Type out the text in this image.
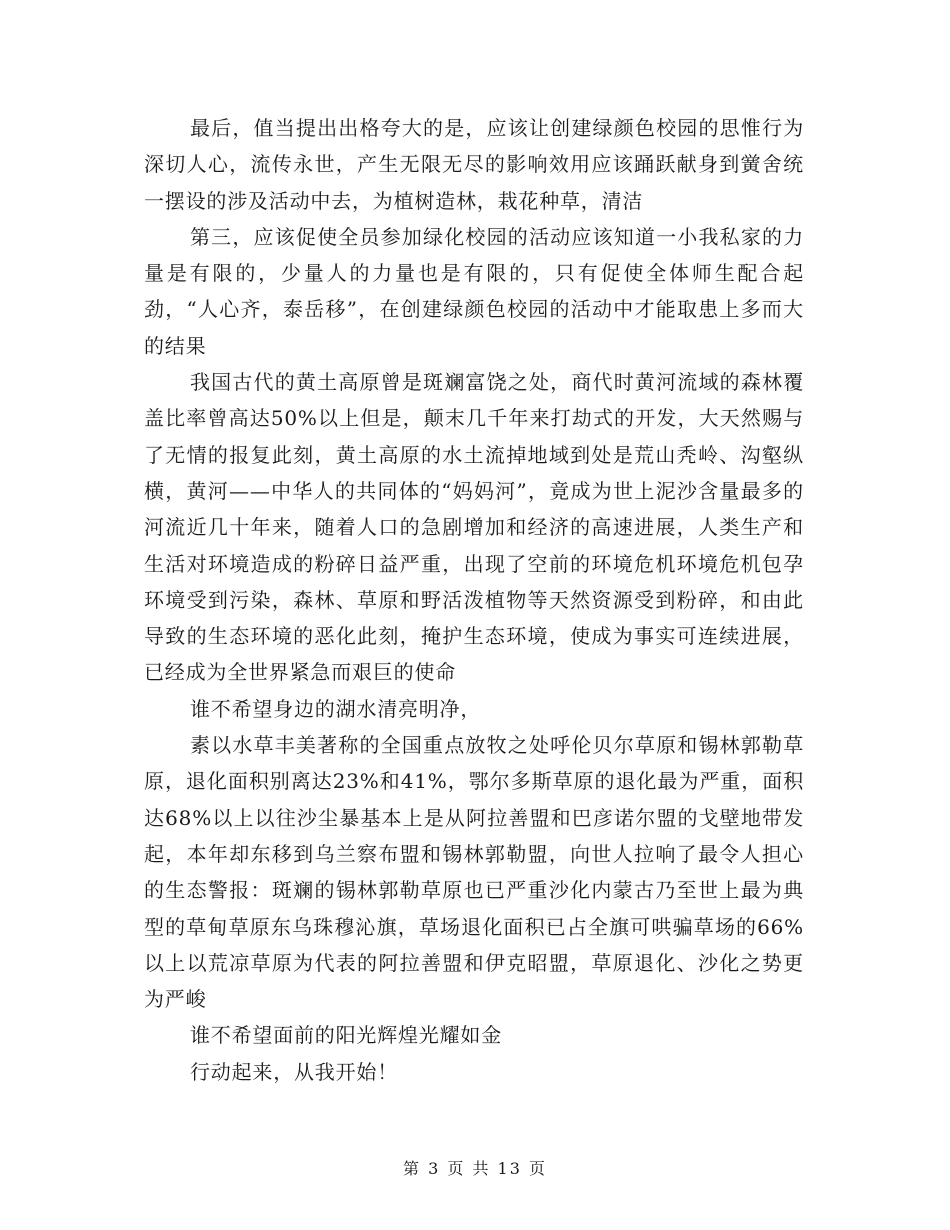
最后，值当提出出格夸大的是，应该让创建绿颜色校园的思惟行为深切人心，流传永世，产生无限无尽的影响效用应该踊跃献身到黉舍统一摆设的涉及活动中去，为植树造林，栽花种草，清洁

第三，应该促使全员参加绿化校园的活动应该知道一小我私家的力量是有限的，少量人的力量也是有限的，只有促使全体师生配合起劲，“人心齐，泰岳移”，在创建绿颜色校园的活动中才能取患上多而大的结果

我国古代的黄土高原曾是斑斓富饶之处，商代时黄河流域的森林覆盖比率曾高达50%以上但是，颠末几千年来打劫式的开发，大天然赐与了无情的报复此刻，黄土高原的水土流掉地域到处是荒山秃岭、沟壑纵横，黄河——中华人的共同体的“妈妈河”，竟成为世上泥沙含量最多的河流近几十年来，随着人口的急剧增加和经济的高速进展，人类生产和生活对环境造成的粉碎日益严重，出现了空前的环境危机环境危机包孕环境受到污染，森林、草原和野活泼植物等天然资源受到粉碎，和由此导致的生态环境的恶化此刻，掩护生态环境，使成为事实可连续进展，已经成为全世界紧急而艰巨的使命

谁不希望身边的湖水清亮明净，

素以水草丰美著称的全国重点放牧之处呼伦贝尔草原和锡林郭勒草原，退化面积别离达23%和41%，鄂尔多斯草原的退化最为严重，面积达68%以上以往沙尘暴基本上是从阿拉善盟和巴彦诺尔盟的戈壁地带发起，本年却东移到乌兰察布盟和锡林郭勒盟，向世人拉响了最令人担心的生态警报：斑斓的锡林郭勒草原也已严重沙化内蒙古乃至世上最为典型的草甸草原东乌珠穆沁旗，草场退化面积已占全旗可哄骗草场的66%以上以荒凉草原为代表的阿拉善盟和伊克昭盟，草原退化、沙化之势更为严峻

谁不希望面前的阳光辉煌光耀如金

行动起来，从我开始！

第 3 页 共 13 页
